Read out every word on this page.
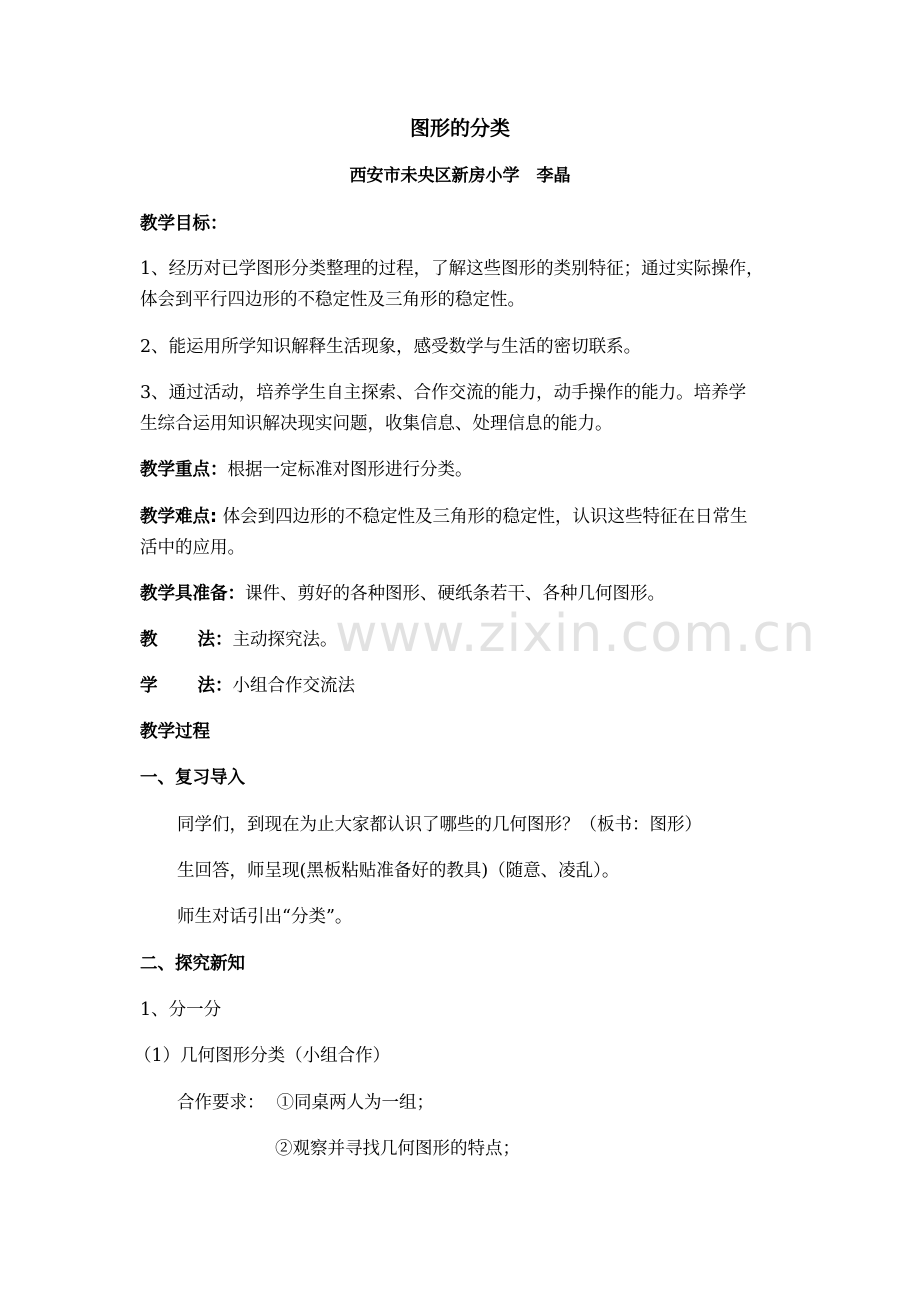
图形的分类
西安市未央区新房小学　李晶
教学目标：
1、经历对已学图形分类整理的过程，了解这些图形的类别特征；通过实际操作，
体会到平行四边形的不稳定性及三角形的稳定性。
2、能运用所学知识解释生活现象，感受数学与生活的密切联系。
3、通过活动，培养学生自主探索、合作交流的能力，动手操作的能力。培养学
生综合运用知识解决现实问题，收集信息、处理信息的能力。
教学重点：根据一定标准对图形进行分类。
教学难点: 体会到四边形的不稳定性及三角形的稳定性，认识这些特征在日常生
活中的应用。
教学具准备：课件、剪好的各种图形、硬纸条若干、各种几何图形。
教 法：主动探究法。
学 法：小组合作交流法
教学过程
一、复习导入
同学们，到现在为止大家都认识了哪些的几何图形？（板书：图形）
生回答，师呈现(黑板粘贴准备好的教具)（随意、凌乱）。
师生对话引出“分类”。
二、探究新知
1、分一分
（1）几何图形分类（小组合作）
合作要求： ①同桌两人为一组；
②观察并寻找几何图形的特点；
www.zixin.com.cn
